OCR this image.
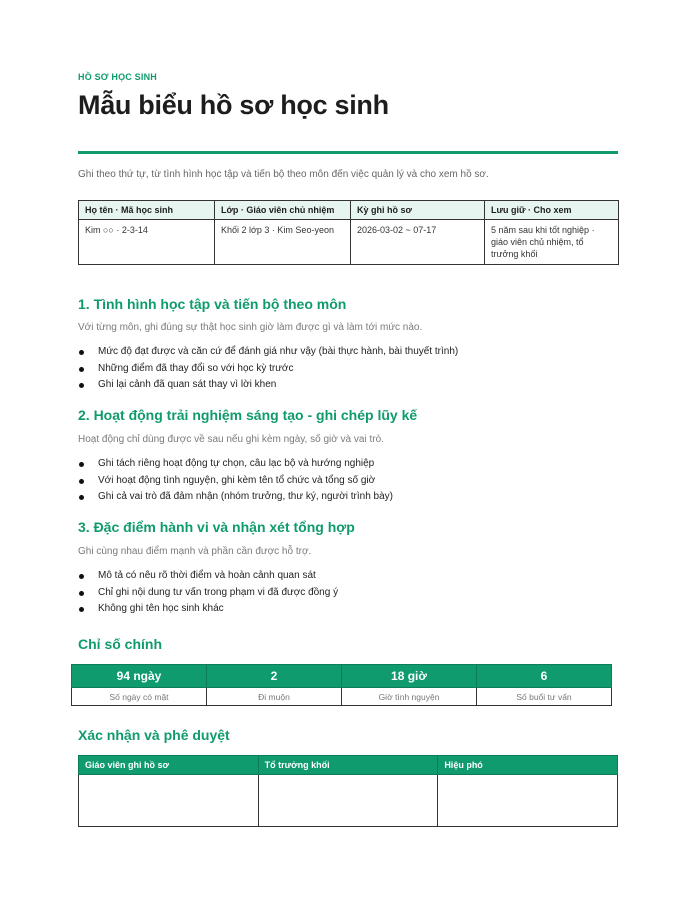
HỒ SƠ HỌC SINH
Mẫu biểu hồ sơ học sinh

Ghi theo thứ tự, từ tình hình học tập và tiến bộ theo môn đến việc quản lý và cho xem hồ sơ.

Họ tên · Mã học sinh	Lớp · Giáo viên chủ nhiệm	Kỳ ghi hồ sơ	Lưu giữ · Cho xem
Kim ○○ · 2-3-14	Khối 2 lớp 3 · Kim Seo-yeon	2026-03-02 ~ 07-17	5 năm sau khi tốt nghiệp · giáo viên chủ nhiệm, tổ trưởng khối
1. Tình hình học tập và tiến bộ theo môn

Với từng môn, ghi đúng sự thật học sinh giờ làm được gì và làm tới mức nào.

Mức độ đạt được và căn cứ để đánh giá như vậy (bài thực hành, bài thuyết trình)
Những điểm đã thay đổi so với học kỳ trước
Ghi lại cảnh đã quan sát thay vì lời khen
2. Hoạt động trải nghiệm sáng tạo - ghi chép lũy kế

Hoạt động chỉ dùng được về sau nếu ghi kèm ngày, số giờ và vai trò.

Ghi tách riêng hoạt động tự chọn, câu lạc bộ và hướng nghiệp
Với hoạt động tình nguyện, ghi kèm tên tổ chức và tổng số giờ
Ghi cả vai trò đã đảm nhận (nhóm trưởng, thư ký, người trình bày)
3. Đặc điểm hành vi và nhận xét tổng hợp

Ghi cùng nhau điểm mạnh và phần cần được hỗ trợ.

Mô tả có nêu rõ thời điểm và hoàn cảnh quan sát
Chỉ ghi nội dung tư vấn trong phạm vi đã được đồng ý
Không ghi tên học sinh khác
Chỉ số chính
94 ngày	2	18 giờ	6
Số ngày có mặt	Đi muộn	Giờ tình nguyện	Số buổi tư vấn
Xác nhận và phê duyệt
Giáo viên ghi hồ sơ	Tổ trưởng khối	Hiệu phó
